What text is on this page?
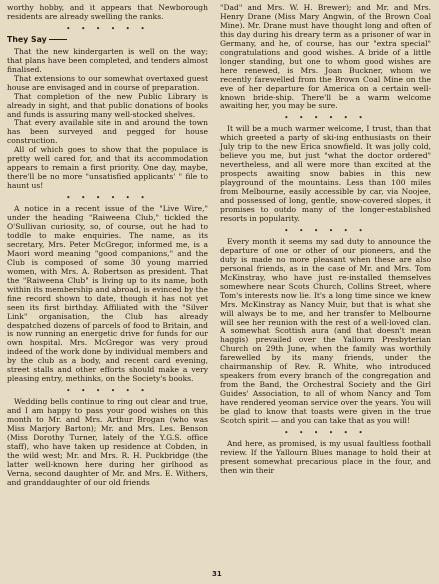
worthy hobby, and it appears that Newborough residents are already swelling the ranks.

• • • • • •
They Say

That the new kindergarten is well on the way; that plans have been completed, and tenders almost finalised.

That extensions to our somewhat overtaxed guest house are envisaged and in course of preparation.

That completion of the new Public Library is already in sight, and that public donations of books and funds is assuring many well-stocked shelves.

That every available site in and around the town has been surveyed and pegged for house construction.

All of which goes to show that the populace is pretty well cared for, and that its accommodation appears to remain a first priority. One day, maybe, there'll be no more "unsatisfied applicants' " file to haunt us!

• • • • • •

A notice in a recent issue of the "Live Wire," under the heading "Raiweena Club," tickled the O'Sullivan curiosity, so, of course, out he had to toddle to make enquiries. The name, as its secretary, Mrs. Peter McGregor, informed me, is a Maori word meaning "good companions," and the Club is composed of some 30 young married women, with Mrs. A. Robertson as president. That the "Raiweena Club" is living up to its name, both within its membership and abroad, is evinced by the fine record shown to date, though it has not yet seen its first birthday. Affiliated with the "Silver Link" organisation, the Club has already despatched dozens of parcels of food to Britain, and is now running an energetic drive for funds for our own hospital. Mrs. McGregor was very proud indeed of the work done by individual members and by the club as a body, and recent card evening, street stalls and other efforts should make a very pleasing entry, methinks, on the Society's books.

• • • • • •

Wedding bells continue to ring out clear and true, and I am happy to pass your good wishes on this month to Mr. and Mrs. Arthur Brogan (who was Miss Marjory Barton); Mr. and Mrs. Les. Benson (Miss Dorothy Turner, lately of the Y.G.S. office staff), who have taken up residence at Cobden, in the wild west; Mr. and Mrs. R. H. Puckbridge (the latter well-known here during her girlhood as Verna, second daughter of Mr. and Mrs. E. Withers, and granddaughter of our old friends

"Dad" and Mrs. W. H. Brewer); and Mr. and Mrs. Henry Drane (Miss Mary Angwin, of the Brown Coal Mine). Mr. Drane must have thought long and often of this day during his dreary term as a prisoner of war in Germany, and he, of course, has our "extra special" congratulations and good wishes. A bride of a little longer standing, but one to whom good wishes are here renewed, is Mrs. Joan Buckner, whom we recently farewelled from the Brown Coal Mine on the eve of her departure for America on a certain well-known bride-ship. There'll be a warm welcome awaiting her, you may be sure.

• • • • • •

It will be a much warmer welcome, I trust, than that which greeted a party of ski-ing enthusiasts on their July trip to the new Erica snowfield. It was jolly cold, believe you me, but just "what the doctor ordered" nevertheless, and all were more than excited at the prospects awaiting snow babies in this new playground of the mountains. Less than 100 miles from Melbourne, easily accessible by car, via Noojee, and possessed of long, gentle, snow-covered slopes, it promises to outdo many of the longer-established resorts in popularity.

• • • • • •

Every month it seems my sad duty to announce the departure of one or other of our pioneers, and the duty is made no more pleasant when these are also personal friends, as in the case of Mr. and Mrs. Tom McKinstray, who have just re-installed themselves somewhere near Scots Church, Collins Street, where Tom's interests now lie. It's a long time since we knew Mrs. McKinstray as Nancy Muir, but that is what she will always be to me, and her transfer to Melbourne will see her reunion with the rest of a well-loved clan. A somewhat Scottish aura (and that doesn't mean haggis) prevailed over the Yallourn Presbyterian Church on 29th June, when the family was worthily farewelled by its many friends, under the chairmanship of Rev. R. White, who introduced speakers from every branch of the congregation and from the Band, the Orchestral Society and the Girl Guides' Association, to all of whom Nancy and Tom have rendered yeoman service over the years. You will be glad to know that toasts were given in the true Scotch spirit — and you can take that as you will!

• • • • • •

And here, as promised, is my usual faultless football review. If the Yallourn Blues manage to hold their at present somewhat precarious place in the four, and then win their

31
